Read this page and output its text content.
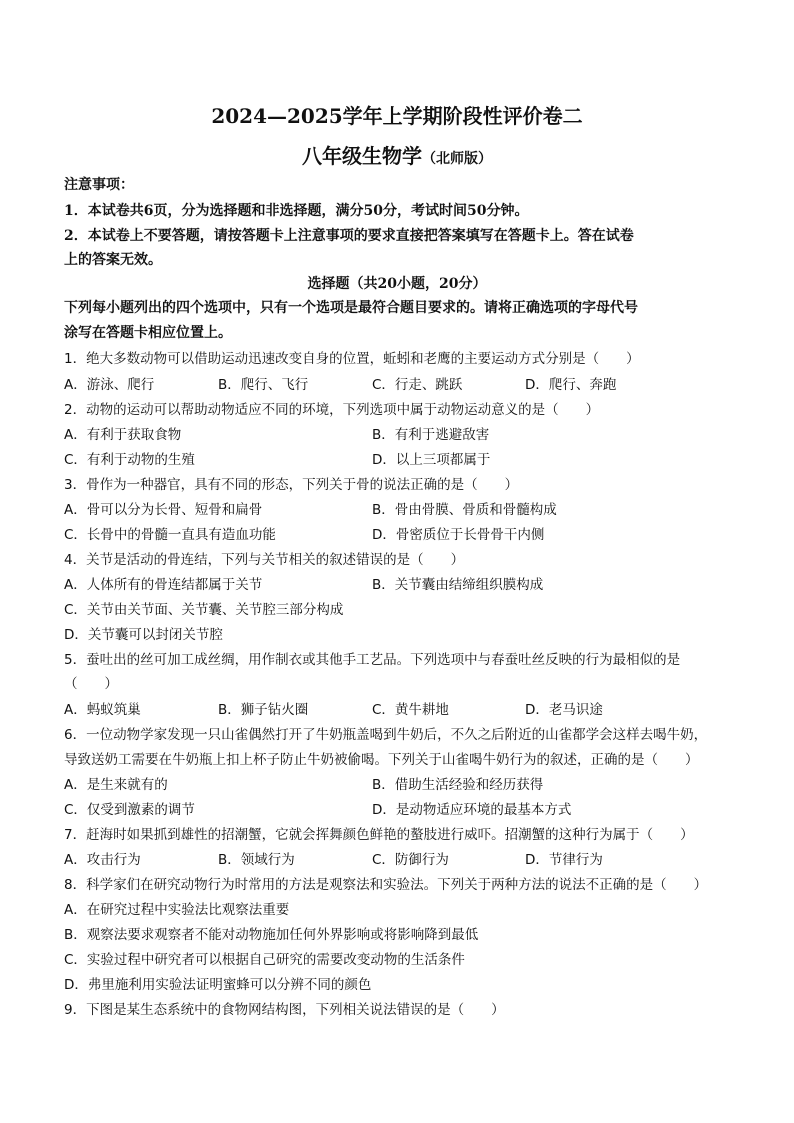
2024—2025学年上学期阶段性评价卷二
八年级生物学（北师版）
注意事项：
1．本试卷共6页，分为选择题和非选择题，满分50分，考试时间50分钟。
2．本试卷上不要答题，请按答题卡上注意事项的要求直接把答案填写在答题卡上。答在试卷
上的答案无效。
选择题（共20小题，20分）
下列每小题列出的四个选项中，只有一个选项是最符合题目要求的。请将正确选项的字母代号
涂写在答题卡相应位置上。
1．绝大多数动物可以借助运动迅速改变自身的位置，蚯蚓和老鹰的主要运动方式分别是（　　）
A．游泳、爬行	B．爬行、飞行	C．行走、跳跃	D．爬行、奔跑
2．动物的运动可以帮助动物适应不同的环境，下列选项中属于动物运动意义的是（　　）
A．有利于获取食物	B．有利于逃避敌害
C．有利于动物的生殖	D．以上三项都属于
3．骨作为一种器官，具有不同的形态，下列关于骨的说法正确的是（　　）
A．骨可以分为长骨、短骨和扁骨	B．骨由骨膜、骨质和骨髓构成
C．长骨中的骨髓一直具有造血功能	D．骨密质位于长骨骨干内侧
4．关节是活动的骨连结，下列与关节相关的叙述错误的是（　　）
A．人体所有的骨连结都属于关节	B．关节囊由结缔组织膜构成
C．关节由关节面、关节囊、关节腔三部分构成
D．关节囊可以封闭关节腔
5．蚕吐出的丝可加工成丝绸，用作制衣或其他手工艺品。下列选项中与春蚕吐丝反映的行为最相似的是
（　　）
A．蚂蚁筑巢	B．狮子钻火圈	C．黄牛耕地	D．老马识途
6．一位动物学家发现一只山雀偶然打开了牛奶瓶盖喝到牛奶后，不久之后附近的山雀都学会这样去喝牛奶，
导致送奶工需要在牛奶瓶上扣上杯子防止牛奶被偷喝。下列关于山雀喝牛奶行为的叙述，正确的是（　　）
A．是生来就有的	B．借助生活经验和经历获得
C．仅受到激素的调节	D．是动物适应环境的最基本方式
7．赶海时如果抓到雄性的招潮蟹，它就会挥舞颜色鲜艳的螯肢进行威吓。招潮蟹的这种行为属于（　　）
A．攻击行为	B．领域行为	C．防御行为	D．节律行为
8．科学家们在研究动物行为时常用的方法是观察法和实验法。下列关于两种方法的说法不正确的是（　　）
A．在研究过程中实验法比观察法重要
B．观察法要求观察者不能对动物施加任何外界影响或将影响降到最低
C．实验过程中研究者可以根据自己研究的需要改变动物的生活条件
D．弗里施利用实验法证明蜜蜂可以分辨不同的颜色
9．下图是某生态系统中的食物网结构图，下列相关说法错误的是（　　）
